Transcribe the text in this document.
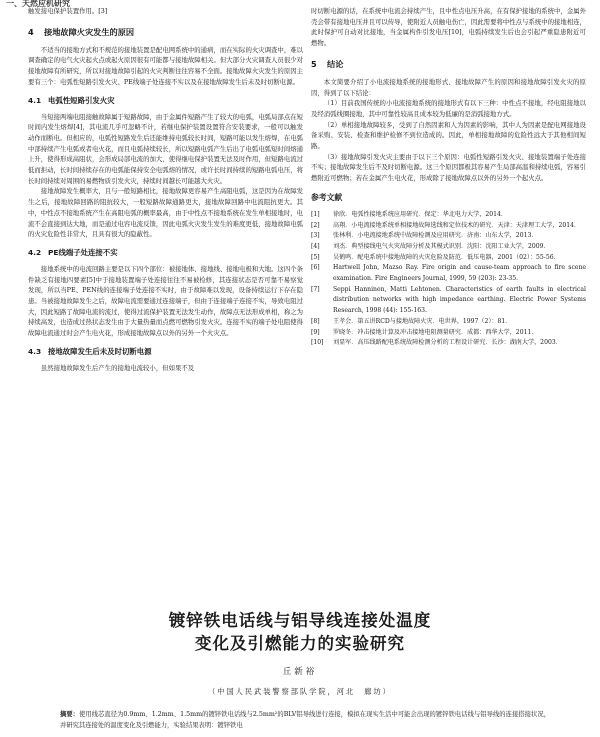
一、天然应机研究

触发接电保护装置作用。[3]

4 接地故障火灾发生的原因

不适当的接地方式和不规范的接地装置是配电网系统中的通病，而在实际的火灾调查中，难以调查确定的电气火灾起火点或起火原因很有可能都与接地故障相关。但大部分火灾调查人员很少对接地故障有所研究，所以对接地故障引起的火灾判断往往容易不全面。接地故障火灾发生的原因主要有三个：电弧性短路引发火灾、PE线端子处连接不实以及在接地故障发生后未及时切断电源。

4.1 电弧性短路引发火灾

当短接两端电阻接触故障属于短路故障，由于金属件短路产生了较大的电弧，电弧局部点在短时间内发生熔焊[4]，其电流几乎可忽略不计，若继电保护装置设置符合安装要求，一般可以触发动作而断电。但相应的，电弧性短路发生后还能维持电弧较长时间，短路可能以发生熔焊，在电弧中部持续产生电弧或者电火花，而且电弧持续较长，所以短路电弧产生后出了电弧电弧短时间熔通上升，使得形成高阻状，会形成局部电流的加大，使得继电保护装置无法及时作用，但短路电流过低而拒动，长时间持续存在的电弧能保持安全电弧熔的情况，或许长时间持续的短路电弧电压，将长时间持续对周围的易燃物质引发火灾，持续时间越长可能越大火灾。

接地故障发生概率大，且与一般短路相比，接地故障更容易产生高阻电弧，这是因为在故障发生之后，接地故障回路的阻抗较大，一般短路故障通路更大，接地故障回路中电流阻抗更大。其中，中性点不接地系统产生在高阻电弧的概率最高，由于中性点不接地系统在发生单相接地时，电流不会直接到达大地，而是通过电容电流反馈，因此电弧火灾发生发生的难度更低，接地故障电弧的火灾危险性非常大，且具有很大的隐蔽性。

4.2 PE线端子处连接不实

接地系统中的电流回路主要是以下四个部位：被接地体、接地线、接地电极和大地。这四个条件缺乏有接地四要素[5]中于接地装置端子处连接往往不易被检修，其连接状态是否可靠不易察觉发现，所以当PE、PEN线的连接端子处连接不实时，由于故障难以发现，设备持续运行下存在隐患。当被接地故障发生之后，故障电流需要通过连接端子，但由于连接端子连接不实，导致电阻过大，因此短路了故障电流的流过，使得过流保护装置无法发生动作，故障点无法形成单相，称之为持续高发，也造成过热状态发生由于大量热量而点燃可燃物引发火灾。连接不实的端子处电阻使得故障电流通过时会产生电火花，形成接地故障点以外的另外一个火灾点。

4.3 接地故障发生后未及时切断电源

虽然接地故障发生后产生的接地电流较小，但如果不及

时切断电源的话，在系统中电流会持续产生，且中性点电压升高，在有保护接地的系统中，金属外壳会带有接地电压并且可以传导，使附近人员触电伤亡，因此需要将中性点与系统中的接地相连，此时保护可自动对比接地，当金属构件引发电压[10]，电弧持续发生后也会引起严重隐患附近可燃物。

5 结论

本文简要介绍了小电流接地系统的接地形式、接地故障产生的原因和接地故障引发火灾的原因，得到了以下结论：

（1）目前我国传统的小电流接地系统的接地形式有以下三种：中性点不接地，经电阻接地以及经消弧线圈接地，其中可靠性较高且成本较为低廉的是消弧接地方式。

（2）单相接地故障较多，受到了自然因素和人为因素的影响，其中人为因素是配电网接地设备采购、安装、检查和维护检修不到位造成的。因此，单相接地故障的危险性远大于其他相间短路。

（3）接地故障引发火灾主要由于以下三个原因：电弧性短路引发火灾、接地装置端子处连接不实；接地故障发生后不及时切断电源。这三个原因都极其容易产生局部高温和持续电弧，容易引燃附近可燃物；若在金属产生电火花，形成除了接地故障点以外的另外一个起火点。

参考文献
[1]	徐欣．电弧性接地系统应用研究．保定：华北电力大学，2014．
[2]	高翔．小电流接地系统单相接地故障选线和定位技术的研究．天津：天津理工大学，2014．
[3]	张林利．小电流接地系统中故障检测及应用研究．济南：山东大学，2013．
[4]	刘杰．典型接线电气火灾故障分析及其模式识别．沈阳：沈阳工业大学，2009．
[5]	吴鹤鸣．配电系统中接地故障的火灾危险及防范．低压电器，2001（02）：55-56．
[6]	Hartwell John, Mazso Ray. Fire origin and cause-team approach to fire scene examination. Fire Engineers Journal, 1999, 59 (203): 23-35.
[7]	Seppi Hanninen, Matti Lehtonen. Characteristics of earth faults in electrical distribution networks with high impedance earthing. Electric Power Systems Research, 1998 (44): 155-163.
[8]	王孝会．第五讲RCD与接地故障火灾．电世界，1997（2）：81．
[9]	罗晓冬．冲击接地计算及冲击接地电阻测量研究．成都：西华大学，2011．
[10]	刘显军．高压线路配电系统故障检测分析的工程设计研究．长沙：湖南大学，2003．
镀锌铁电话线与铝导线连接处温度
变化及引燃能力的实验研究
丘新裕
（中国人民武装警察部队学院，河北　廊坊）
摘要：使用线芯直径为0.9mm、1.2mm、1.5mm的镀锌铁电话线与2.5mm²的BLV铝导线进行连接，模拟在现实生活中可能会出现的镀锌铁电话线与铝导线的连接搭接状况，并研究其连接处的温度变化及引燃能力，实验结果表明：镀锌铁电
